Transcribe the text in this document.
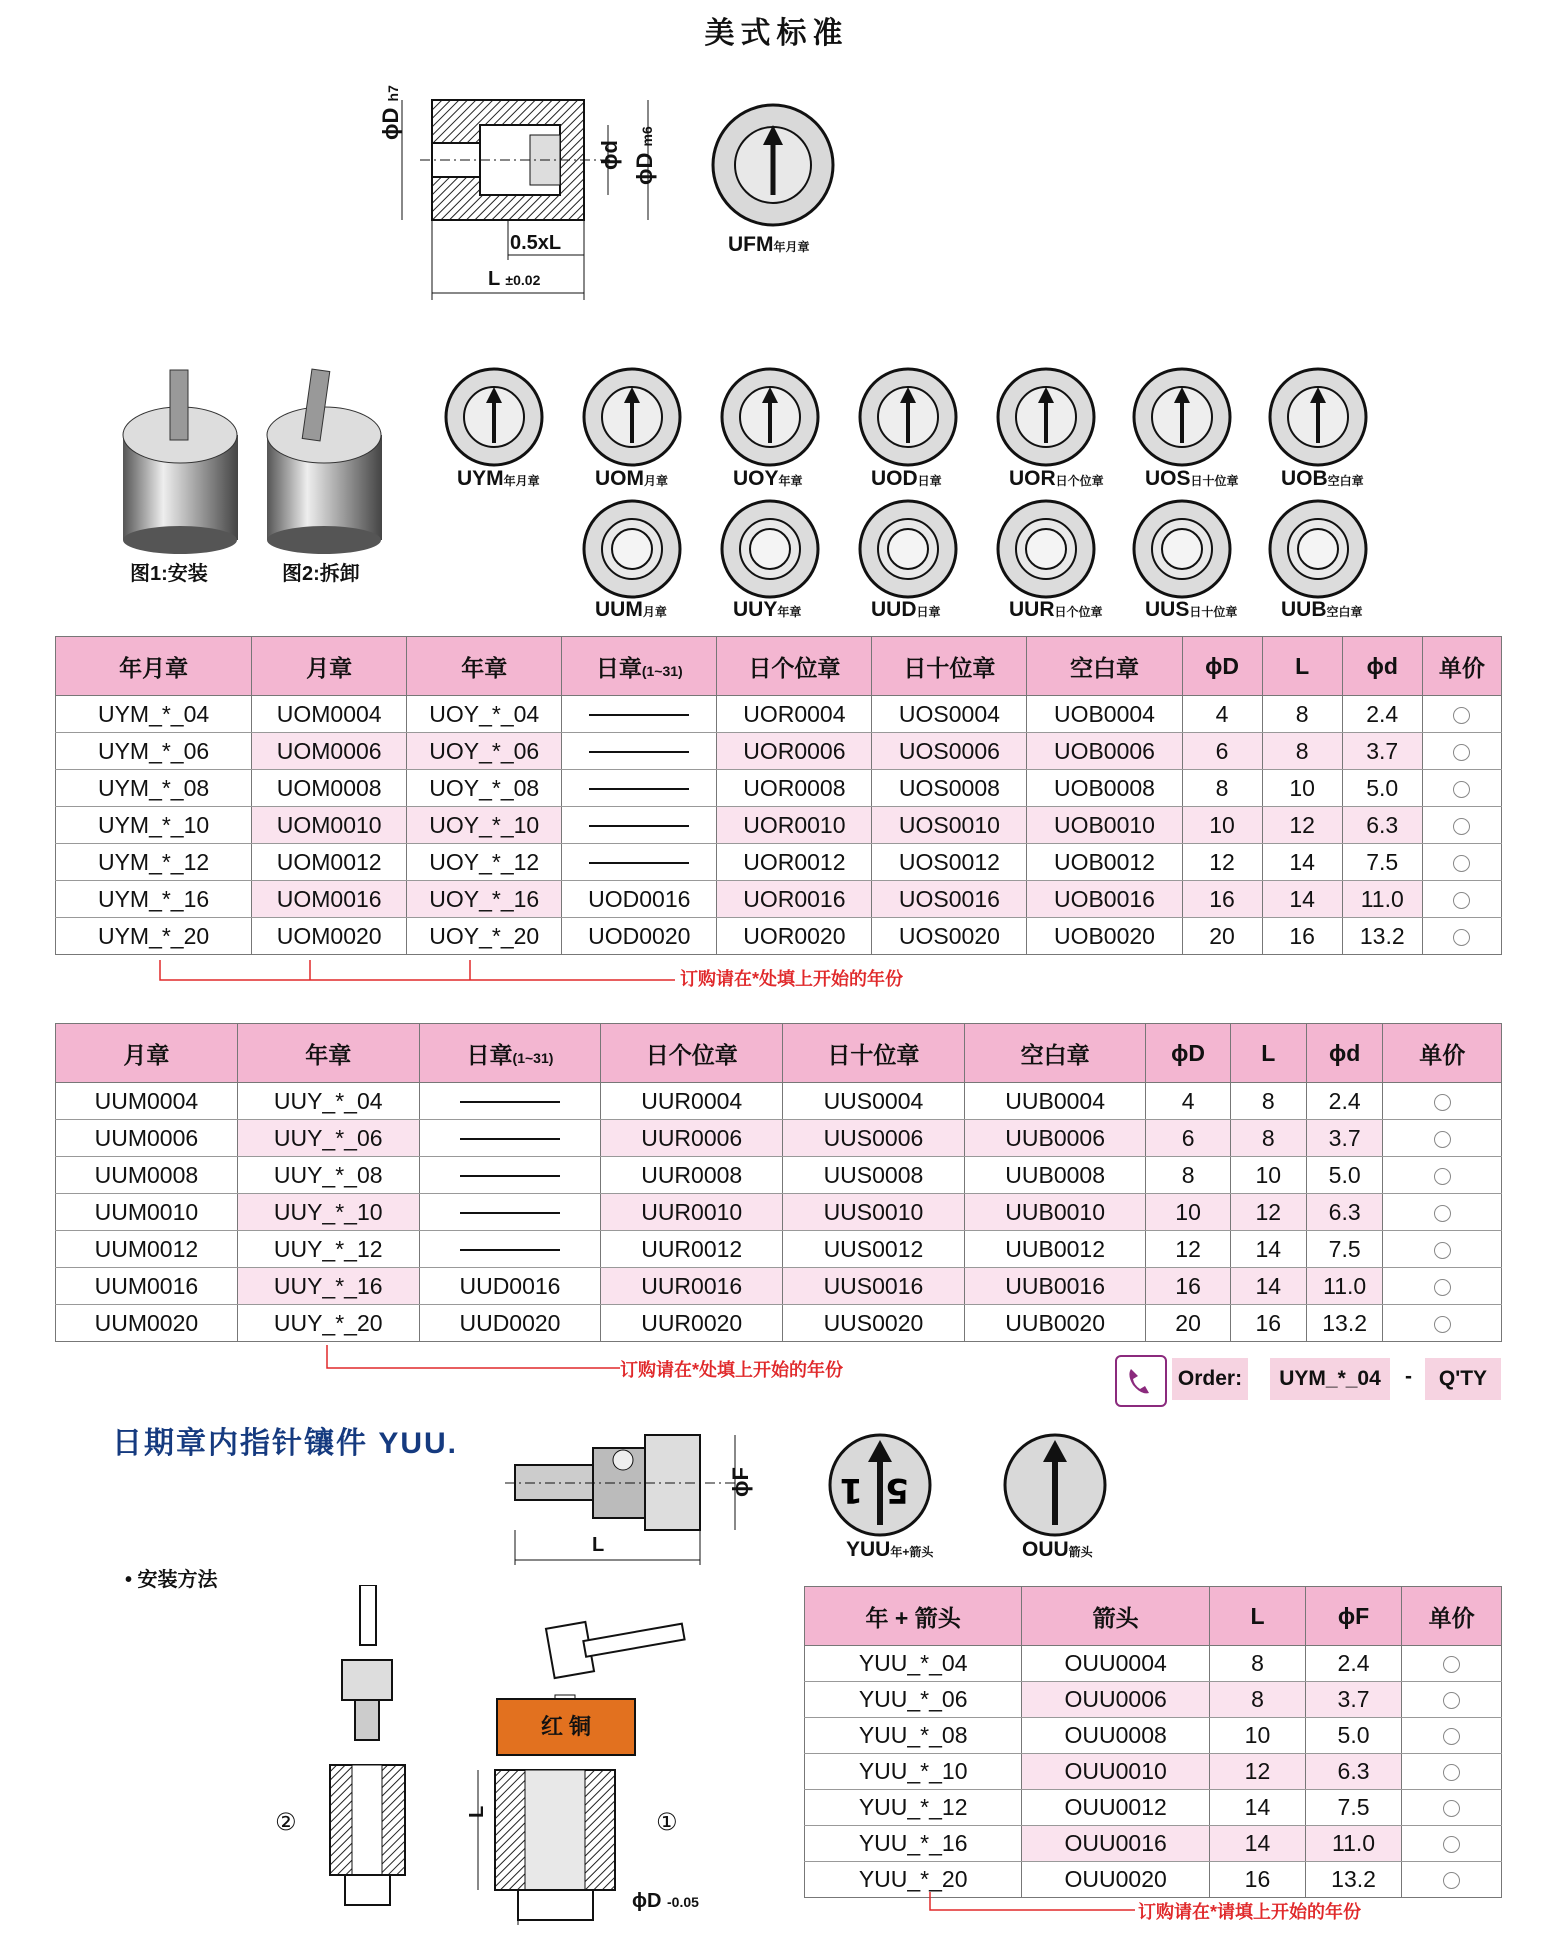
美式标准
ϕD h7
ϕd ϕD m6
0.5xL
L ±0.02
UFM年月章
图1:安装	图2:拆卸
年月章	月章	年章	日章(1~31)	日个位章	日十位章	空白章	ϕD	L	ϕd	单价
UYM_*_04	UOM0004	UOY_*_04		UOR0004	UOS0004	UOB0004	4	8	2.4	
UYM_*_06	UOM0006	UOY_*_06		UOR0006	UOS0006	UOB0006	6	8	3.7	
UYM_*_08	UOM0008	UOY_*_08		UOR0008	UOS0008	UOB0008	8	10	5.0	
UYM_*_10	UOM0010	UOY_*_10		UOR0010	UOS0010	UOB0010	10	12	6.3	
UYM_*_12	UOM0012	UOY_*_12		UOR0012	UOS0012	UOB0012	12	14	7.5	
UYM_*_16	UOM0016	UOY_*_16	UOD0016	UOR0016	UOS0016	UOB0016	16	14	11.0	
UYM_*_20	UOM0020	UOY_*_20	UOD0020	UOR0020	UOS0020	UOB0020	20	16	13.2	
订购请在*处填上开始的年份
月章	年章	日章(1~31)	日个位章	日十位章	空白章	ϕD	L	ϕd	单价
UUM0004	UUY_*_04		UUR0004	UUS0004	UUB0004	4	8	2.4	
UUM0006	UUY_*_06		UUR0006	UUS0006	UUB0006	6	8	3.7	
UUM0008	UUY_*_08		UUR0008	UUS0008	UUB0008	8	10	5.0	
UUM0010	UUY_*_10		UUR0010	UUS0010	UUB0010	10	12	6.3	
UUM0012	UUY_*_12		UUR0012	UUS0012	UUB0012	12	14	7.5	
UUM0016	UUY_*_16	UUD0016	UUR0016	UUS0016	UUB0016	16	14	11.0	
UUM0020	UUY_*_20	UUD0020	UUR0020	UUS0020	UUB0020	20	16	13.2	
订购请在*处填上开始的年份	Order:	UYM_*_04	-	Q'TY
日期章内指针镶件 YUU.
ϕF
L
1 5
YUU年+箭头	OUU箭头
• 安装方法
红 铜
②	①
L
ϕD -0.05
年 + 箭头	箭头	L	ϕF	单价
YUU_*_04	OUU0004	8	2.4	
YUU_*_06	OUU0006	8	3.7	
YUU_*_08	OUU0008	10	5.0	
YUU_*_10	OUU0010	12	6.3	
YUU_*_12	OUU0012	14	7.5	
YUU_*_16	OUU0016	14	11.0	
YUU_*_20	OUU0020	16	13.2	
订购请在*请填上开始的年份
UYM年月章	UOM月章	UOY年章	UOD日章	UOR日个位章 UOS日十位章 UOB空白章
UUM月章	UUY年章	UUD日章	UUR日个位章 UUS日十位章 UUB空白章
